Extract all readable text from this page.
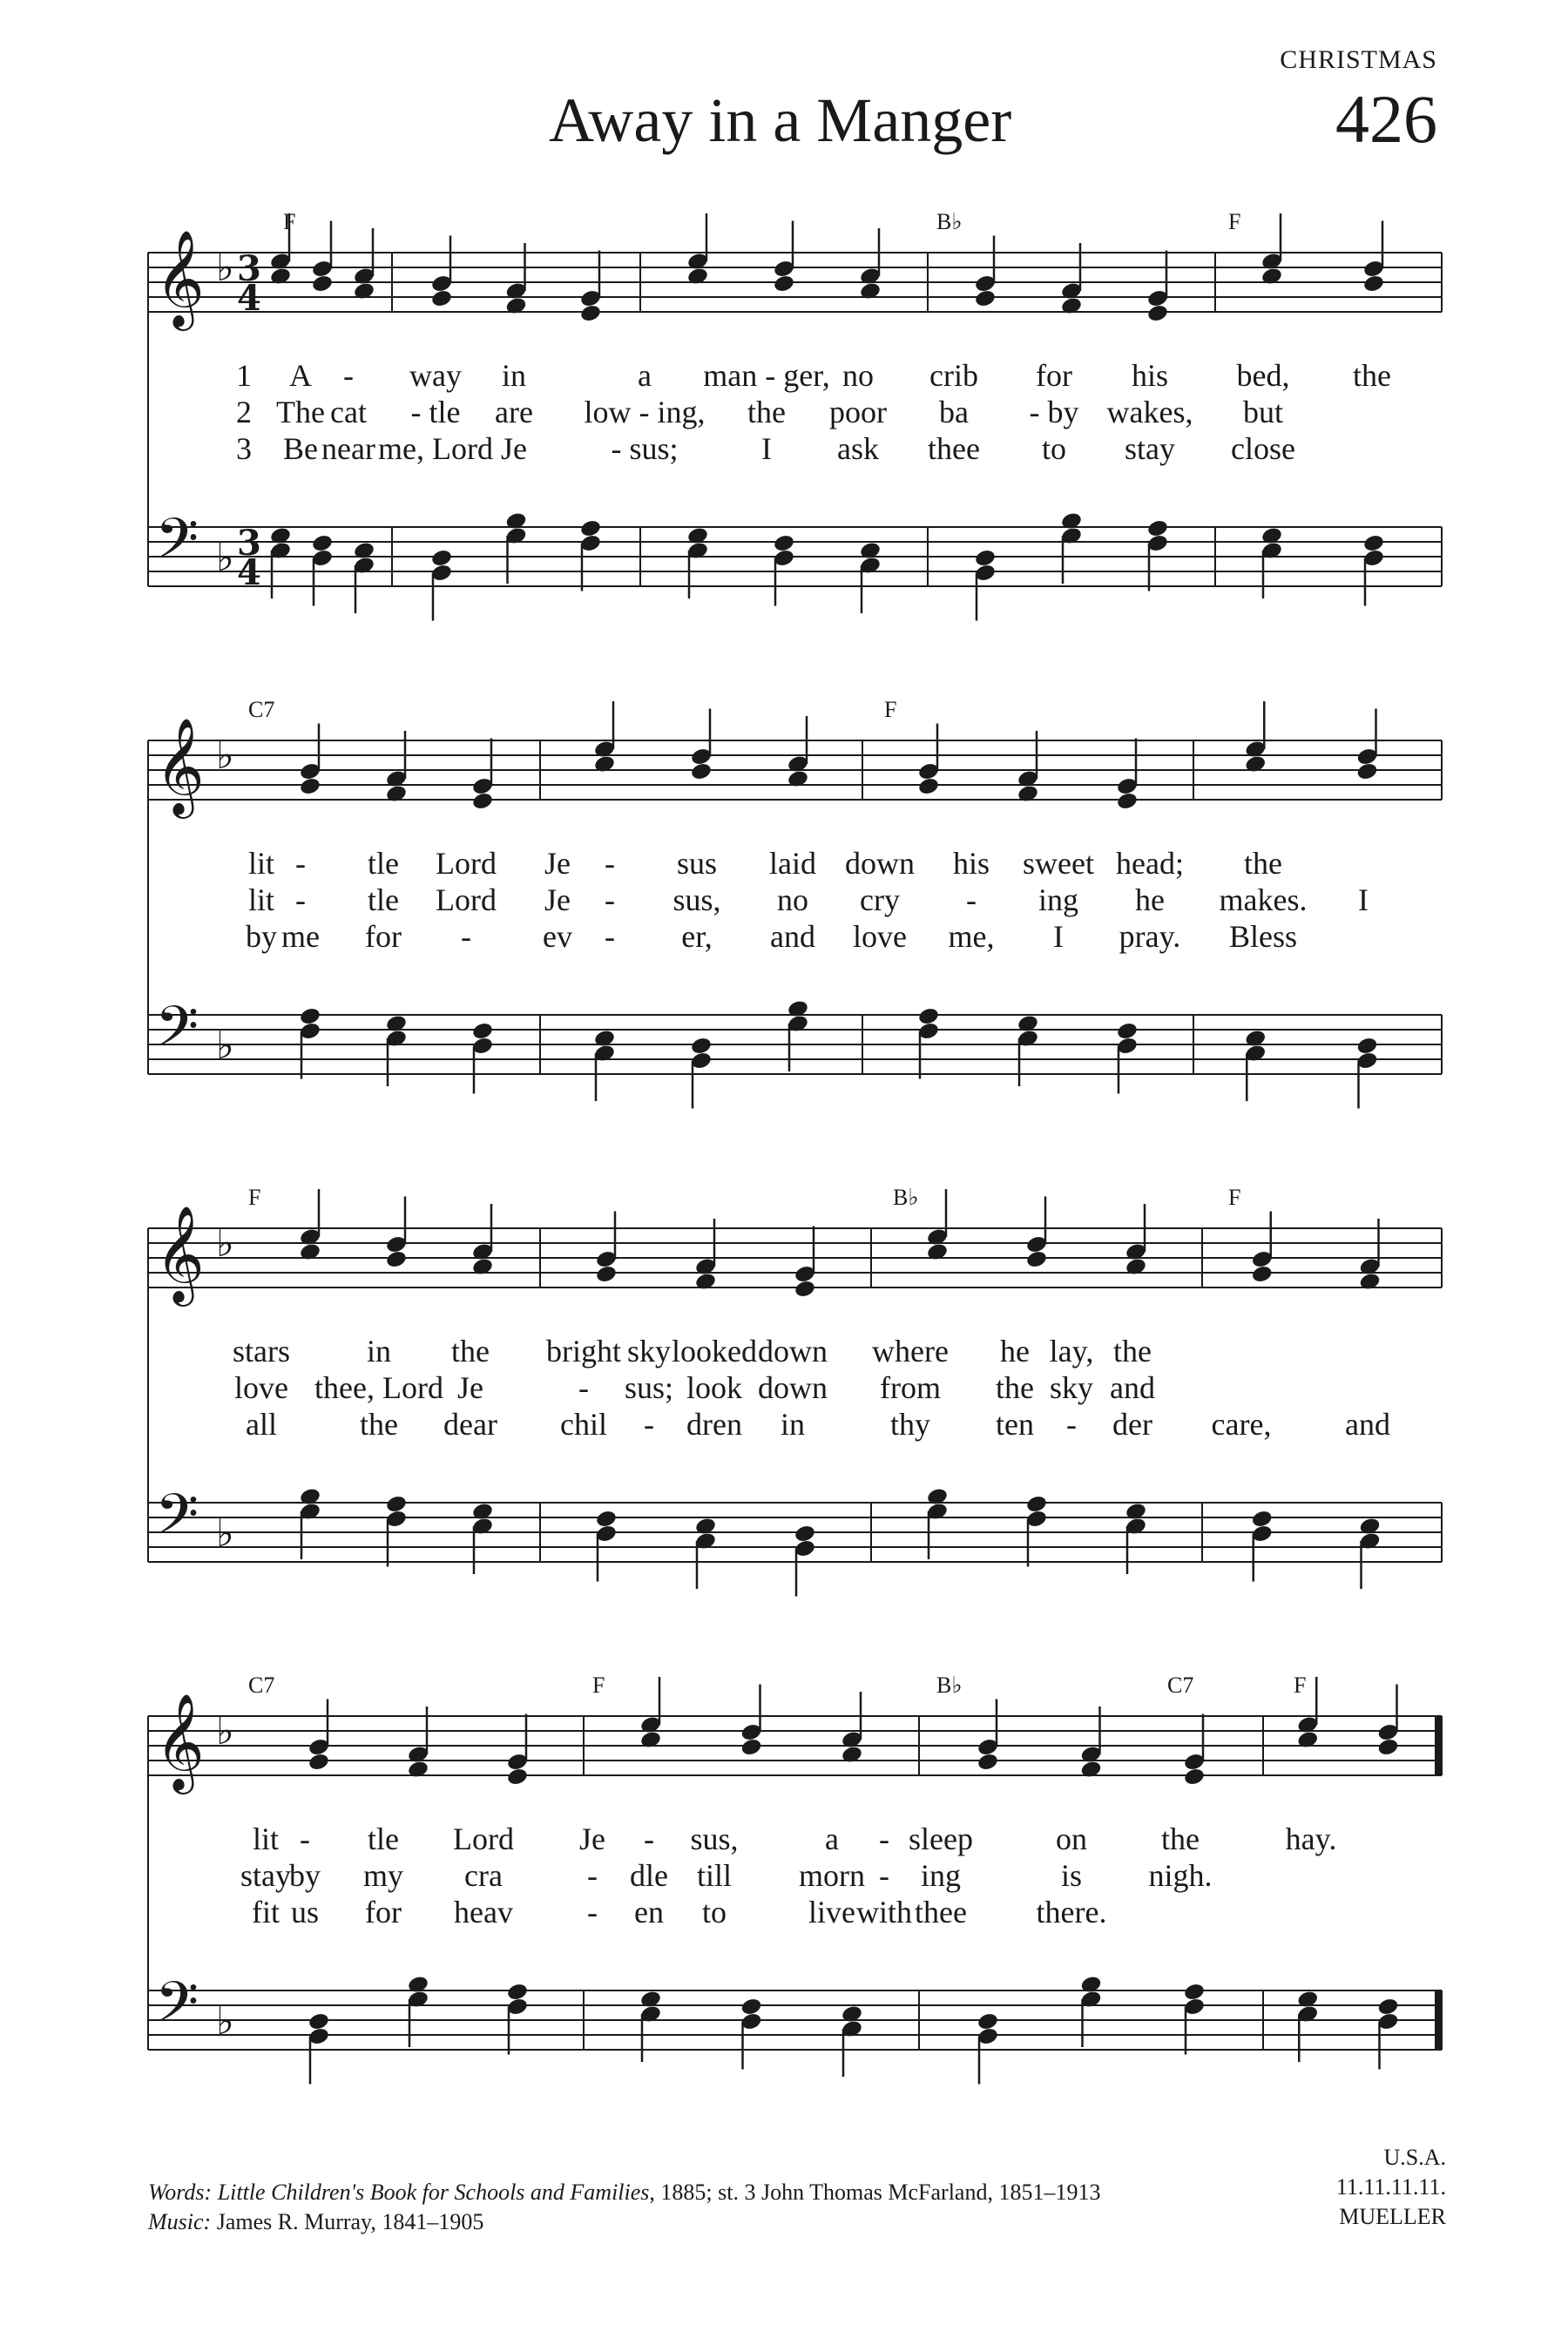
CHRISTMAS
Away in a Manger	426
𝄞 ♭ 3
4
𝄢 ♭ 3
4
F	B♭	F
1 A - way in	a man - ger, no crib for his bed, the
2 The cat - tle are low - ing, the poor ba - by wakes, but
3 Be near me, Lord Je	- sus;	I ask thee to stay close
𝄞 ♭
𝄢 ♭
C7	F
lit - tle Lord Je - sus laid down his sweet head; the
lit - tle Lord Je - sus, no cry - ing he makes. I
by me for - ev - er, and love me, I pray. Bless
𝄞 ♭
𝄢 ♭
F	B♭	F
stars in the bright sky looked down where he lay, the
love thee, Lord Je	- sus; look down from the sky and
all	the dear chil - dren in	thy ten - der care, and
𝄞 ♭
𝄢 ♭
C7	F	B♭	C7	F
lit - tle Lord Je - sus,	a - sleep	on the	hay.
stay
by my cra	- dle till morn - ing	is nigh.
fit us for heav - en to	live with thee there.
Words: Little Children's Book for Schools and Families, 1885; st. 3 John Thomas McFarland, 1851–1913
Music: James R. Murray, 1841–1905
U.S.A.
11.11.11.11.
MUELLER
